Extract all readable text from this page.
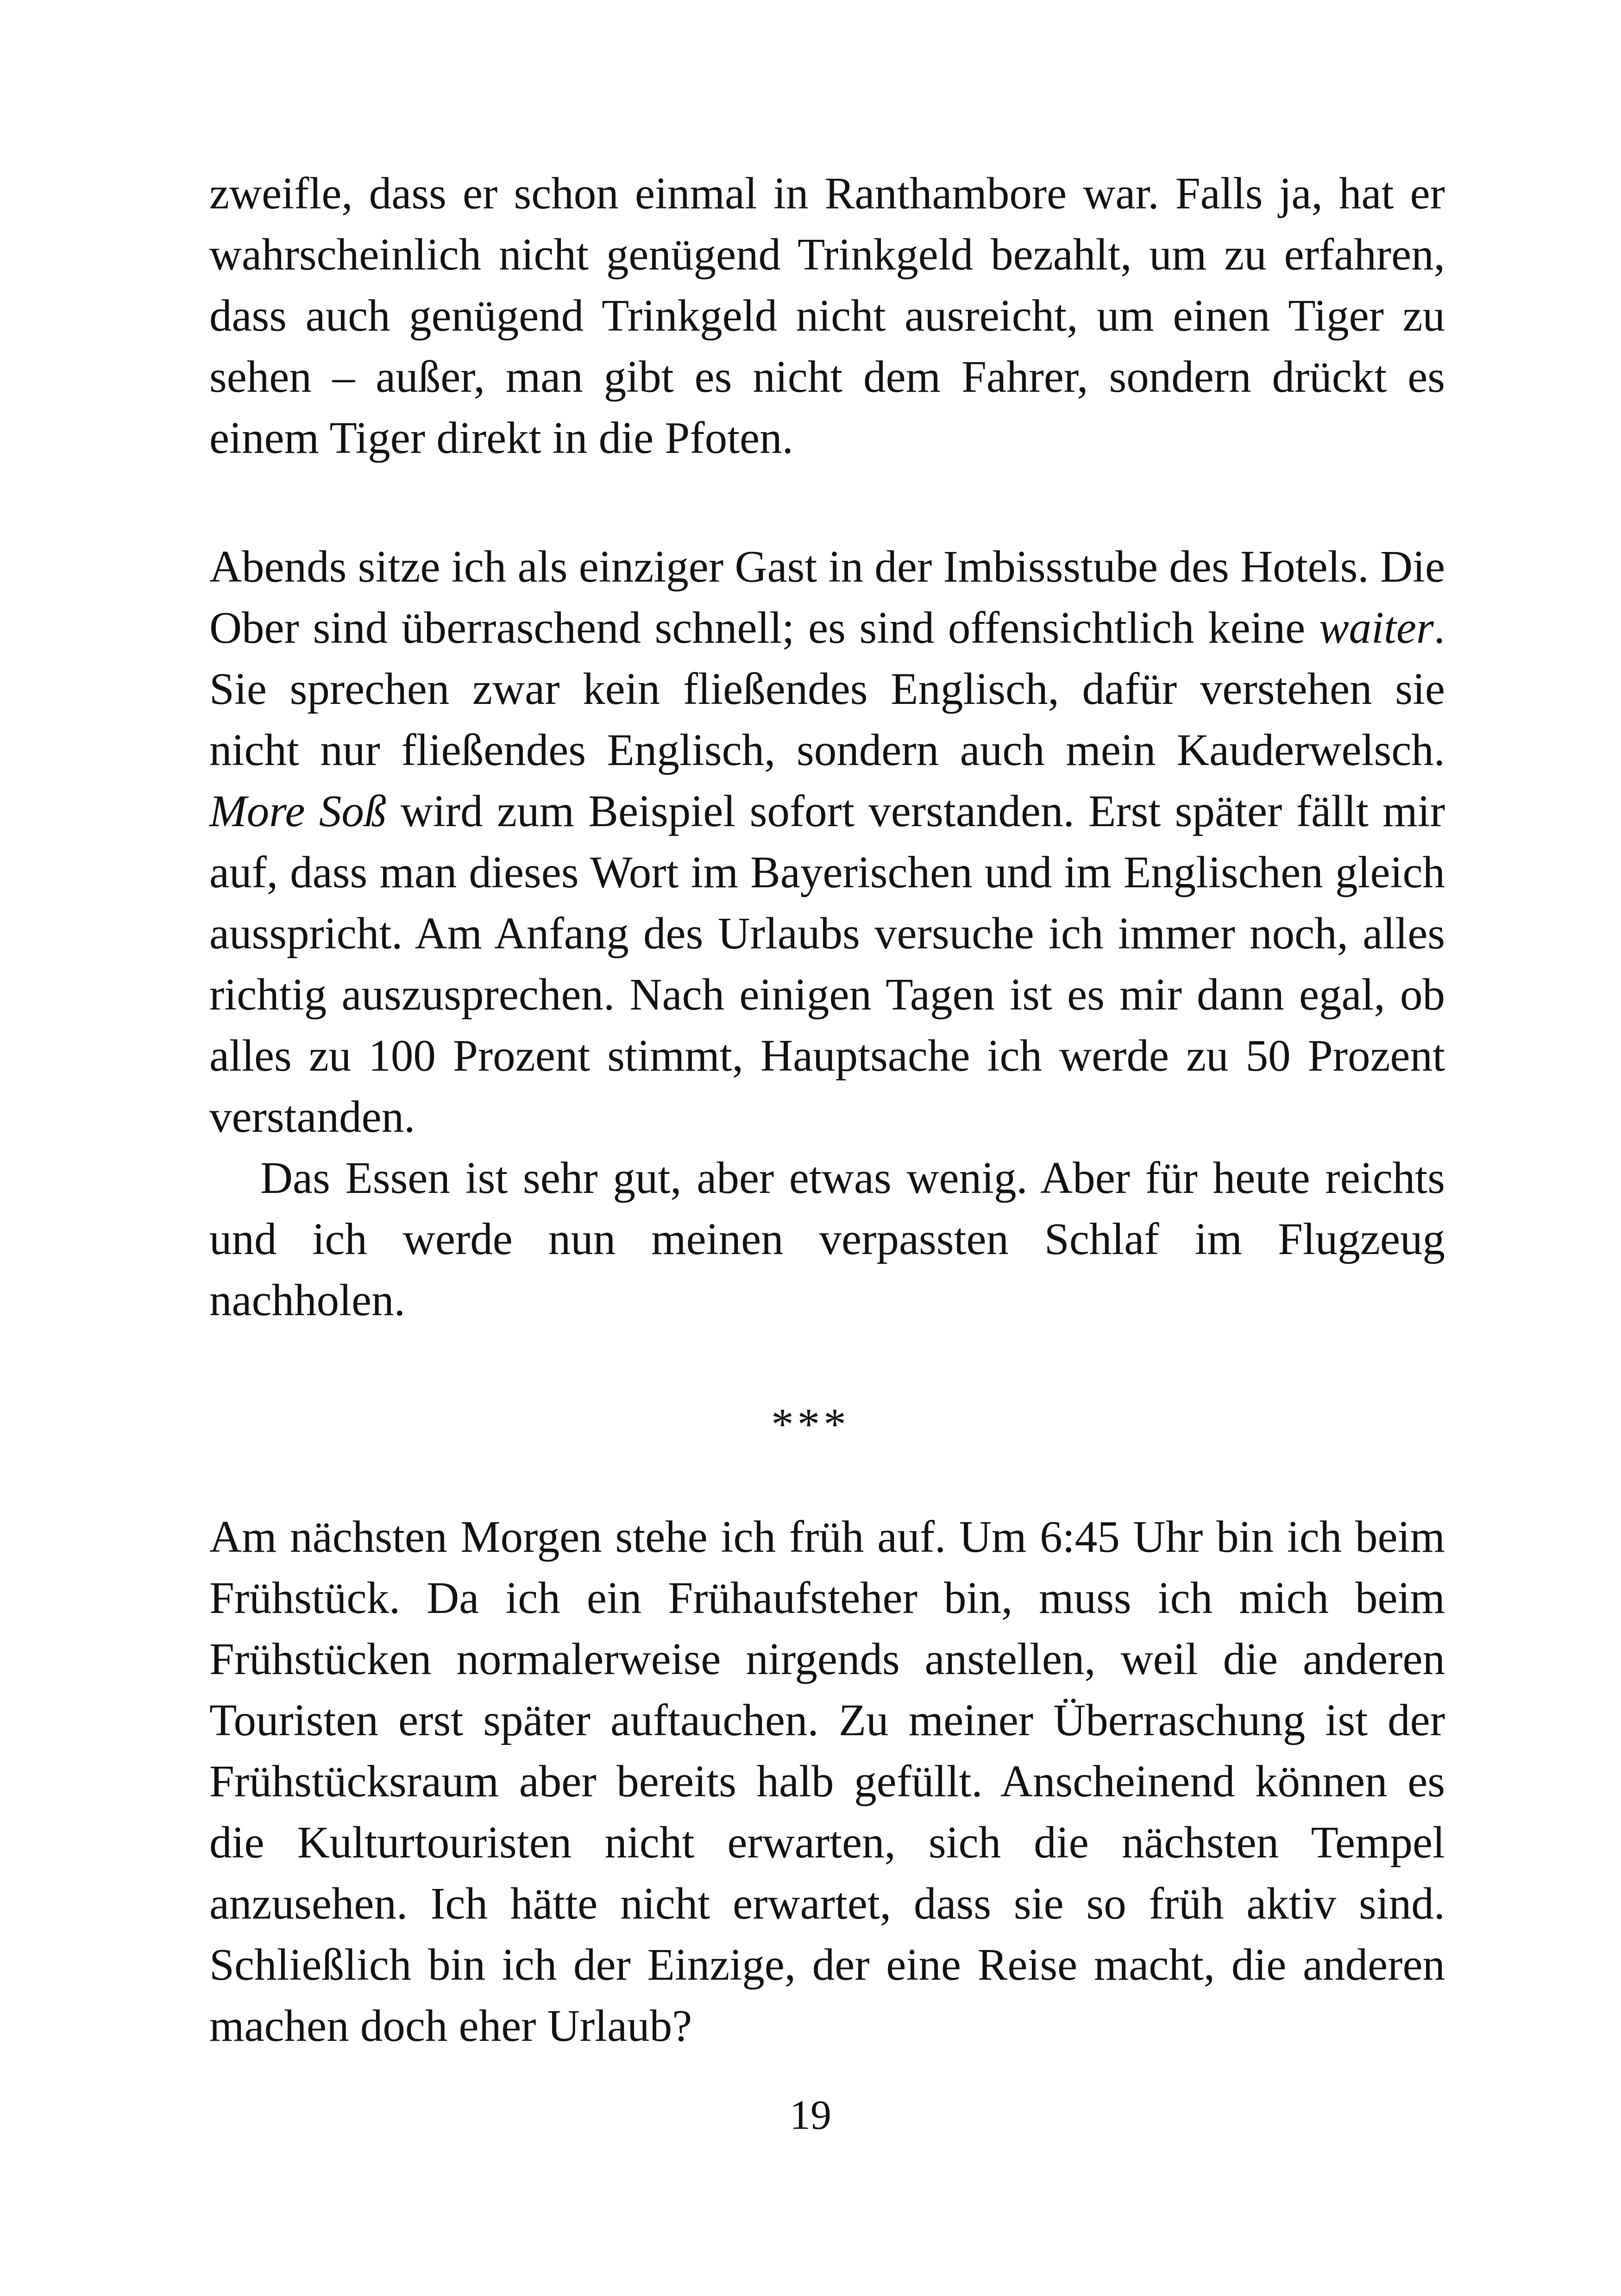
zweifle, dass er schon einmal in Ranthambore war. Falls ja, hat er wahrscheinlich nicht genügend Trinkgeld bezahlt, um zu erfahren, dass auch genügend Trinkgeld nicht ausreicht, um einen Tiger zu sehen – außer, man gibt es nicht dem Fahrer, sondern drückt es einem Tiger direkt in die Pfoten.

Abends sitze ich als einziger Gast in der Imbissstube des Hotels. Die Ober sind überraschend schnell; es sind offensichtlich keine waiter. Sie sprechen zwar kein fließendes Englisch, dafür verstehen sie nicht nur fließendes Englisch, sondern auch mein Kauderwelsch. More Soß wird zum Beispiel sofort verstanden. Erst später fällt mir auf, dass man dieses Wort im Bayerischen und im Englischen gleich ausspricht. Am Anfang des Urlaubs versuche ich immer noch, alles richtig auszusprechen. Nach einigen Tagen ist es mir dann egal, ob alles zu 100 Prozent stimmt, Hauptsache ich werde zu 50 Prozent verstanden.

Das Essen ist sehr gut, aber etwas wenig. Aber für heute reichts und ich werde nun meinen verpassten Schlaf im Flugzeug nachholen.

***

Am nächsten Morgen stehe ich früh auf. Um 6:45 Uhr bin ich beim Frühstück. Da ich ein Frühaufsteher bin, muss ich mich beim Frühstücken normalerweise nirgends anstellen, weil die anderen Touristen erst später auftauchen. Zu meiner Überraschung ist der Frühstücksraum aber bereits halb gefüllt. Anscheinend können es die Kulturtouristen nicht erwarten, sich die nächsten Tempel anzusehen. Ich hätte nicht erwartet, dass sie so früh aktiv sind. Schließlich bin ich der Einzige, der eine Reise macht, die anderen machen doch eher Urlaub?

19
